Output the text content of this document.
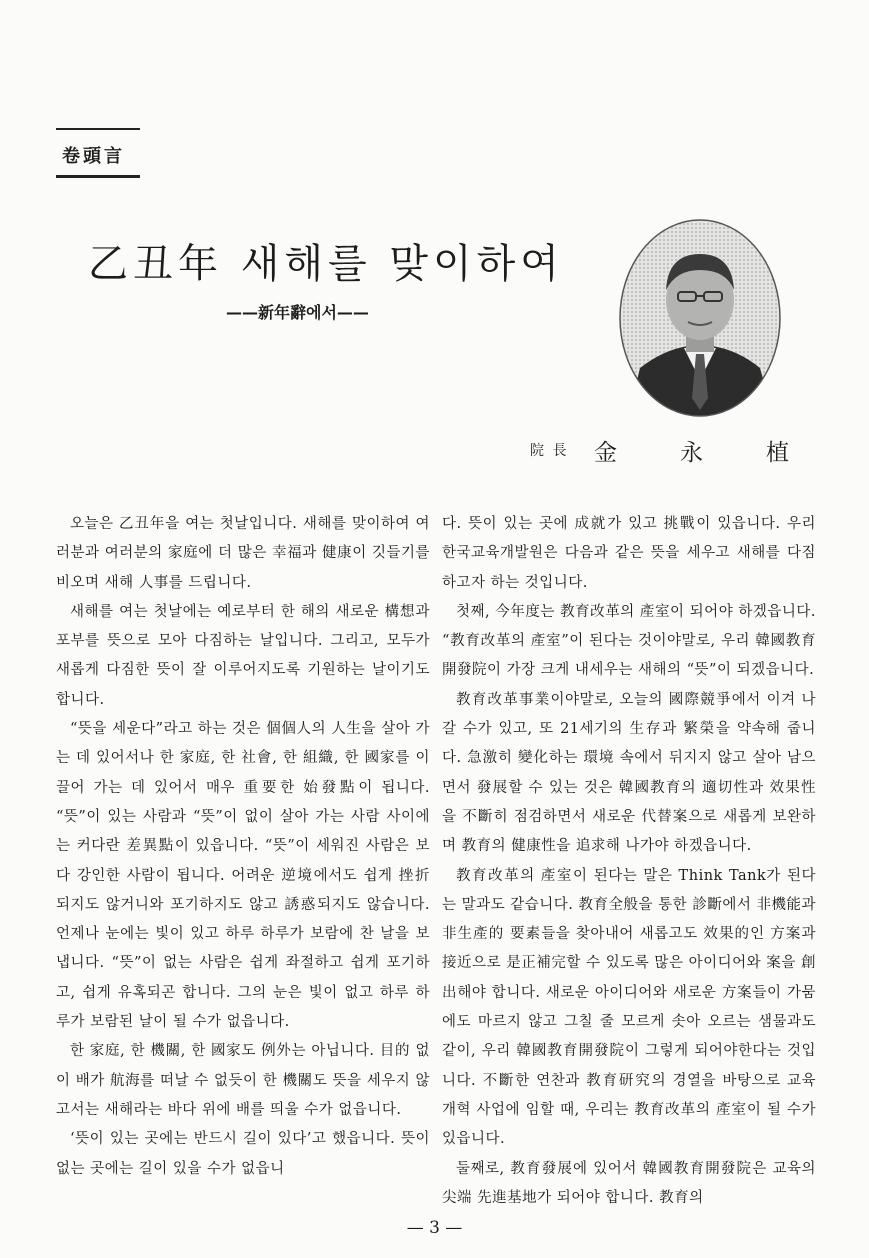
卷頭言
乙丑年 새해를 맞이하여
——新年辭에서——
院 長 金	永	植

오늘은 乙丑年을 여는 첫날입니다. 새해를 맞이하여 여러분과 여러분의 家庭에 더 많은 幸福과 健康이 깃들기를 비오며 새해 人事를 드립니다.

새해를 여는 첫날에는 예로부터 한 해의 새로운 構想과 포부를 뜻으로 모아 다짐하는 날입니다. 그리고, 모두가 새롭게 다짐한 뜻이 잘 이루어지도록 기원하는 날이기도 합니다.

“뜻을 세운다”라고 하는 것은 個個人의 人生을 살아 가는 데 있어서나 한 家庭, 한 社會, 한 組織, 한 國家를 이끌어 가는 데 있어서 매우 重要한 始發點이 됩니다. “뜻”이 있는 사람과 “뜻”이 없이 살아 가는 사람 사이에는 커다란 差異點이 있읍니다. “뜻”이 세워진 사람은 보다 강인한 사람이 됩니다. 어려운 逆境에서도 쉽게 挫折되지도 않거니와 포기하지도 않고 誘惑되지도 않습니다. 언제나 눈에는 빛이 있고 하루 하루가 보람에 찬 날을 보냅니다. “뜻”이 없는 사람은 쉽게 좌절하고 쉽게 포기하고, 쉽게 유혹되곤 합니다. 그의 눈은 빛이 없고 하루 하루가 보람된 날이 될 수가 없읍니다.

한 家庭, 한 機關, 한 國家도 例外는 아닙니다. 目的 없이 배가 航海를 떠날 수 없듯이 한 機關도 뜻을 세우지 않고서는 새해라는 바다 위에 배를 띄울 수가 없읍니다.

‘뜻이 있는 곳에는 반드시 길이 있다’고 했읍니다. 뜻이 없는 곳에는 길이 있을 수가 없읍니

다. 뜻이 있는 곳에 成就가 있고 挑戰이 있읍니다. 우리 한국교육개발원은 다음과 같은 뜻을 세우고 새해를 다짐하고자 하는 것입니다.

첫째, 今年度는 教育改革의 產室이 되어야 하겠읍니다. “教育改革의 產室”이 된다는 것이야말로, 우리 韓國教育開發院이 가장 크게 내세우는 새해의 “뜻”이 되겠읍니다.

教育改革事業이야말로, 오늘의 國際競爭에서 이겨 나갈 수가 있고, 또 21세기의 生存과 繁榮을 약속해 줍니다. 急激히 變化하는 環境 속에서 뒤지지 않고 살아 남으면서 發展할 수 있는 것은 韓國教育의 適切性과 效果性을 不斷히 점검하면서 새로운 代替案으로 새롭게 보완하며 教育의 健康性을 追求해 나가야 하겠읍니다.

教育改革의 產室이 된다는 말은 Think Tank가 된다는 말과도 같습니다. 教育全般을 통한 診斷에서 非機能과 非生產的 要素들을 찾아내어 새롭고도 效果的인 方案과 接近으로 是正補完할 수 있도록 많은 아이디어와 案을 創出해야 합니다. 새로운 아이디어와 새로운 方案들이 가뭄에도 마르지 않고 그칠 줄 모르게 솟아 오르는 샘물과도 같이, 우리 韓國教育開發院이 그렇게 되어야한다는 것입니다. 不斷한 연찬과 教育研究의 경열을 바탕으로 교육 개혁 사업에 임할 때, 우리는 教育改革의 產室이 될 수가 있읍니다.

둘째로, 教育發展에 있어서 韓國教育開發院은 교육의 尖端 先進基地가 되어야 합니다. 教育의

— 3 —
